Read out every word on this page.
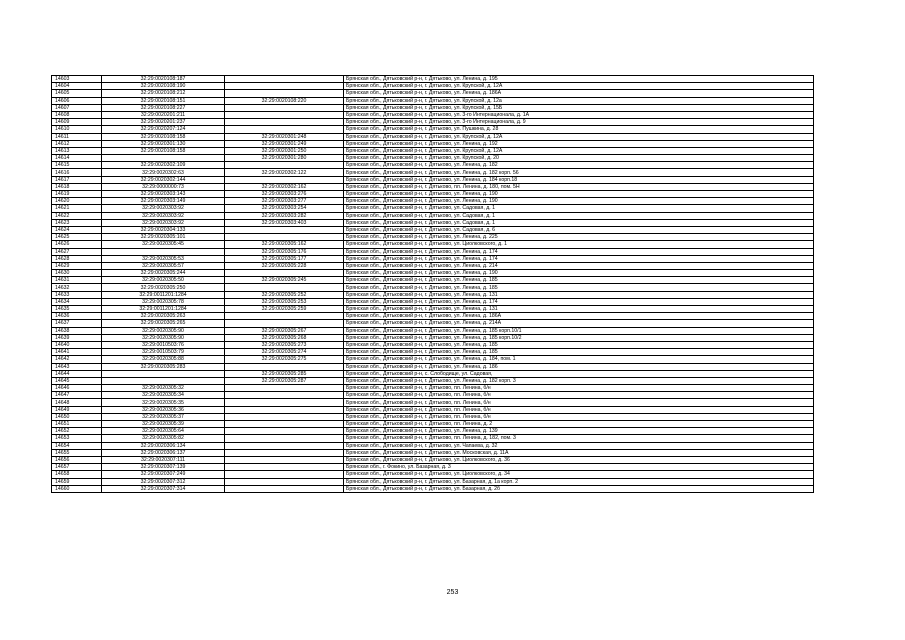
14603	32:29:0020108:187		Брянская обл., Дятьковский р-н, г. Дятьково, ул. Ленина, д. 195
14604	32:29:0020108:190		Брянская обл., Дятьковский р-н, г. Дятьково, ул. Крупской, д. 12А
14605	32:29:0020108:212		Брянская обл., Дятьковский р-н, г. Дятьково, ул. Ленина, д. 186А
14606	32:29:0020108:151	32:29:0020108:220	Брянская обл., Дятьковский р-н, г. Дятьково, ул. Крупской, д. 12а
14607	32:29:0020108:227		Брянская обл., Дятьковский р-н, г. Дятьково, ул. Крупской, д. 15Б
14608	32:29:0020201:211		Брянская обл., Дятьковский р-н, г. Дятьково, ул. 3-го Интернационала, д. 1А
14609	32:29:0020201:237		Брянская обл., Дятьковский р-н, г. Дятьково, ул. 3-го Интернационала, д. 9
14610	32:29:0020207:124		Брянская обл., Дятьковский р-н, г. Дятьково, ул. Пушкина, д. 28
14611	32:29:0020108:158	32:29:0020301:248	Брянская обл., Дятьковский р-н, г. Дятьково, ул. Крупской, д. 12А
14612	32:29:0020301:130	32:29:0020301:249	Брянская обл., Дятьковский р-н, г. Дятьково, ул. Ленина, д. 192
14613	32:29:0020108:158	32:29:0020301:250	Брянская обл., Дятьковский р-н, г. Дятьково, ул. Крупской, д. 12А
14614		32:29:0020301:280	Брянская обл., Дятьковский р-н, г. Дятьково, ул. Крупской, д. 20
14615	32:29:0020302:109		Брянская обл., Дятьковский р-н, г. Дятьково, ул. Ленина, д. 182
14616	32:29:0020302:63	32:29:0020302:122	Брянская обл., Дятьковский р-н, г. Дятьково, ул. Ленина, д. 182 корп. 56
14617	32:29:0020302:144		Брянская обл., Дятьковский р-н, г. Дятьково, ул. Ленина, д. 184 корп.18
14618	32:29:0000000:73	32:29:0020302:162	Брянская обл., Дятьковский р-н, г. Дятьково, пл. Ленина, д. 180, пом. 5Н
14619	32:29:0020303:143	32:29:0020303:276	Брянская обл., Дятьковский р-н, г. Дятьково, ул. Ленина, д. 190
14620	32:29:0020303:149	32:29:0020303:277	Брянская обл., Дятьковский р-н, г. Дятьково, ул. Ленина, д. 190
14621	32:29:0020303:92	32:29:0020303:254	Брянская обл., Дятьковский р-н, г. Дятьково, ул. Садовая, д. 1
14622	32:29:0020303:92	32:29:0020303:282	Брянская обл., Дятьковский р-н, г. Дятьково, ул. Садовая, д. 1
14623	32:29:0020303:92	32:29:0020303:403	Брянская обл., Дятьковский р-н, г. Дятьково, ул. Садовая, д. 1
14624	32:29:0020304:133		Брянская обл., Дятьковский р-н, г. Дятьково, ул. Садовая, д. 6
14625	32:29:0020305:101		Брянская обл., Дятьковский р-н, г. Дятьково, ул. Ленина, д. 225
14626	32:29:0020305:45	32:29:0020305:162	Брянская обл., Дятьковский р-н, г. Дятьково, ул. Циолковского, д. 1
14627		32:29:0020305:176	Брянская обл., Дятьковский р-н, г. Дятьково, ул. Ленина, д. 174
14628	32:29:0020305:53	32:29:0020305:177	Брянская обл., Дятьковский р-н, г. Дятьково, ул. Ленина, д. 174
14629	32:29:0020305:57	32:29:0020305:228	Брянская обл., Дятьковский р-н, г. Дятьково, ул. Ленина, д. 214
14630	32:29:0020305:244		Брянская обл., Дятьковский р-н, г. Дятьково, ул. Ленина, д. 190
14631	32:29:0020305:50	32:29:0020305:245	Брянская обл., Дятьковский р-н, г. Дятьково, ул. Ленина, д. 185
14632	32:29:0020305:250		Брянская обл., Дятьковский р-н, г. Дятьково, ул. Ленина, д. 185
14633	32:29:0011201:1284	32:29:0020305:252	Брянская обл., Дятьковский р-н, г. Дятьково, ул. Ленина, д. 131
14634	32:29:0020305:78	32:29:0020305:253	Брянская обл., Дятьковский р-н, г. Дятьково, ул. Ленина, д. 174
14635	32:29:0011201:1284	32:29:0020305:259	Брянская обл., Дятьковский р-н, г. Дятьково, ул. Ленина, д. 131
14636	32:29:0020305:263		Брянская обл., Дятьковский р-н, г. Дятьково, ул. Ленина, д. 186А
14637	32:29:0020305:265		Брянская обл., Дятьковский р-н, г. Дятьково, ул. Ленина, д. 214А
14638	32:29:0020305:90	32:29:0020305:267	Брянская обл., Дятьковский р-н, г. Дятьково, ул. Ленина, д. 185 корп.10/1
14639	32:29:0020305:90	32:29:0020305:268	Брянская обл., Дятьковский р-н, г. Дятьково, ул. Ленина, д. 185 корп.10/2
14640	32:29:0010503:76	32:29:0020305:273	Брянская обл., Дятьковский р-н, г. Дятьково, ул. Ленина, д. 185
14641	32:29:0010503:79	32:29:0020305:274	Брянская обл., Дятьковский р-н, г. Дятьково, ул. Ленина, д. 185
14642	32:29:0020305:88	32:29:0020305:275	Брянская обл., Дятьковский р-н, г. Дятьково, ул. Ленина, д. 184, пом. 1
14643	32:29:0020305:283		Брянская обл., Дятьковский р-н, г. Дятьково, ул. Ленина, д. 186
14644		32:29:0020305:285	Брянская обл., Дятьковский р-н, с. Слободище, ул. Садовая,
14645		32:29:0020305:287	Брянская обл., Дятьковский р-н, г. Дятьково, ул. Ленина, д. 182 корп. 3
14646	32:29:0020305:32		Брянская обл., Дятьковский р-н, г. Дятьково, пл. Ленина, б/н
14647	32:29:0020305:34		Брянская обл., Дятьковский р-н, г. Дятьково, пл. Ленина, б/н
14648	32:29:0020305:35		Брянская обл., Дятьковский р-н, г. Дятьково, пл. Ленина, б/н
14649	32:29:0020305:36		Брянская обл., Дятьковский р-н, г. Дятьково, пл. Ленина, б/н
14650	32:29:0020305:37		Брянская обл., Дятьковский р-н, г. Дятьково, пл. Ленина, б/н
14651	32:29:0020305:39		Брянская обл., Дятьковский р-н, г. Дятьково, пл. Ленина, д. 2
14652	32:29:0020305:64		Брянская обл., Дятьковский р-н, г. Дятьково, ул. Ленина, д. 139
14653	32:29:0020305:82		Брянская обл., Дятьковский р-н, г. Дятьково, пл. Ленина, д. 182, пом. 3
14654	32:29:0020306:134		Брянская обл., Дятьковский р-н, г. Дятьково, ул. Чапаева, д. 32
14655	32:29:0020306:137		Брянская обл., Дятьковский р-н, г. Дятьково, ул. Московская, д. 11А
14656	32:29:0020307:111		Брянская обл., Дятьковский р-н, г. Дятьково, ул. Циолковского, д. 36
14657	32:29:0020307:139		Брянская обл., г. Фокино, ул. Базарная, д. 3
14658	32:29:0020307:249		Брянская обл., Дятьковский р-н, г. Дятьково, ул. Циолковского, д. 34
14659	32:29:0020307:312		Брянская обл., Дятьковский р-н, г. Дятьково, ул. Базарная, д. 1а корп. 2
14660	32:29:0020307:314		Брянская обл., Дятьковский р-н, г. Дятьково, ул. Базарная, д. 2б
253
